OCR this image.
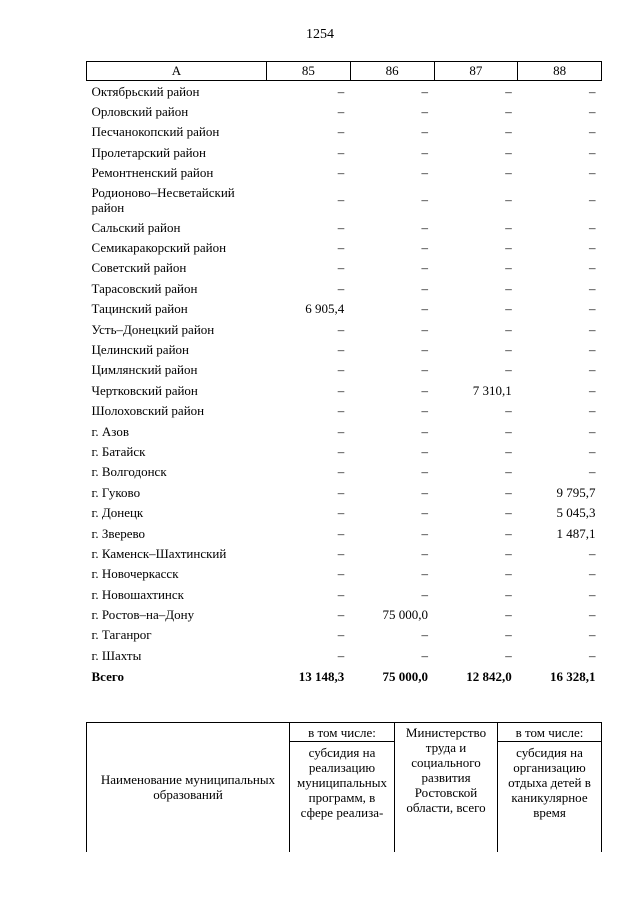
1254
А	85	86	87	88
Октябрьский район	–	–	–	–
Орловский район	–	–	–	–
Песчанокопский район	–	–	–	–
Пролетарский район	–	–	–	–
Ремонтненский район	–	–	–	–
Родионово–Несветайский район	–	–	–	–
Сальский район	–	–	–	–
Семикаракорский район	–	–	–	–
Советский район	–	–	–	–
Тарасовский район	–	–	–	–
Тацинский район	6 905,4	–	–	–
Усть–Донецкий район	–	–	–	–
Целинский район	–	–	–	–
Цимлянский район	–	–	–	–
Чертковский район	–	–	7 310,1	–
Шолоховский район	–	–	–	–
г. Азов	–	–	–	–
г. Батайск	–	–	–	–
г. Волгодонск	–	–	–	–
г. Гуково	–	–	–	9 795,7
г. Донецк	–	–	–	5 045,3
г. Зверево	–	–	–	1 487,1
г. Каменск–Шахтинский	–	–	–	–
г. Новочеркасск	–	–	–	–
г. Новошахтинск	–	–	–	–
г. Ростов–на–Дону	–	75 000,0	–	–
г. Таганрог	–	–	–	–
г. Шахты	–	–	–	–
Всего	13 148,3	75 000,0	12 842,0	16 328,1
Наименование муниципальных образований	в том числе:	Министерство труда и социального развития Ростовской области, всего	в том числе:
	субсидия на реализацию муниципальных программ, в сфере реализа-		субсидия на организацию отдыха детей в каникулярное время
